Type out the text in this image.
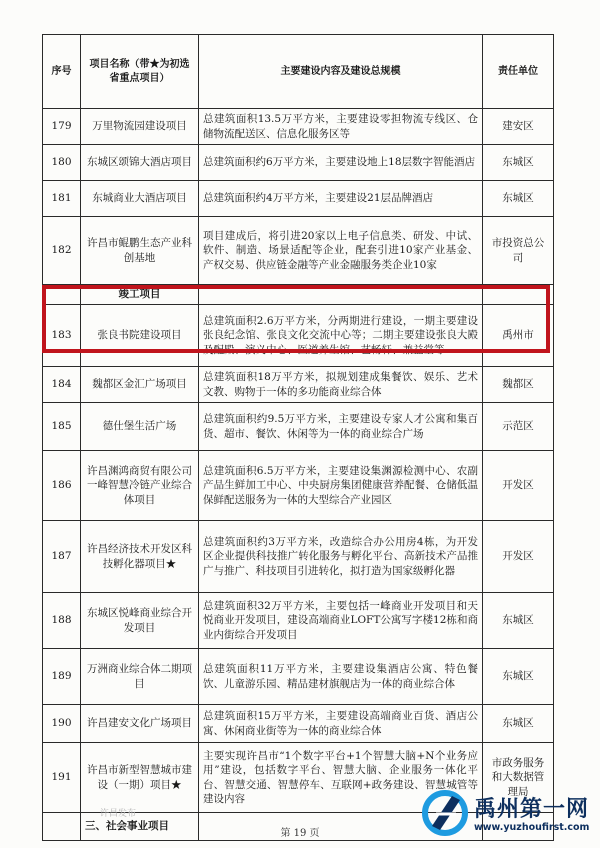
序号	项目名称（带★为初选省重点项目）	主要建设内容及建设总规模	责任单位
179	万里物流园建设项目	总建筑面积13.5万平方米，主要建设零担物流专线区、仓储物流配送区、信息化服务区等	建安区
180	东城区颂锦大酒店项目	总建筑面积约6万平方米，主要建设地上18层数字智能酒店	东城区
181	东城商业大酒店项目	总建筑面积约4万平方米，主要建设21层品牌酒店	东城区
182	许昌市鲲鹏生态产业科创基地	项目建成后，将引进20家以上电子信息类、研发、中试、软件、制造、场景适配等企业，配套引进10家产业基金、产权交易、供应链金融等产业金融服务类企业10家	市投资总公司
	竣工项目		
183	张良书院建设项目	总建筑面积2.6万平方米，分两期进行建设，一期主要建设张良纪念馆、张良文化交流中心等；二期主要建设张良大殿及配殿、演义中心、医道养生馆、艺畅轩、兼益堂等	禹州市
184	魏都区金汇广场项目	总建筑面积18万平方米，拟规划建成集餐饮、娱乐、艺术文教、购物于一体的多功能商业综合体	魏都区
185	德仕堡生活广场	总建筑面积约9.5万平方米，主要建设专家人才公寓和集百货、超市、餐饮、休闲等为一体的商业综合广场	示范区
186	许昌渊鸿商贸有限公司一峰智慧冷链产业综合体项目	总建筑面积6.5万平方米，主要建设集渊源检测中心、农副产品生鲜加工中心、中央厨房集团健康营养配餐、仓储低温保鲜配送服务为一体的大型综合产业园区	开发区
187	许昌经济技术开发区科技孵化器项目★	总建筑面积约3万平方米，改造综合办公用房4栋，为开发区企业提供科技推广转化服务与孵化平台、高新技术产品推广与推广、科技项目引进转化，拟打造为国家级孵化器	开发区
188	东城区悦峰商业综合开发项目	总建筑面积32万平方米，主要包括一峰商业开发项目和天悦商业开发项目，建设高端商业LOFT公寓写字楼12栋和商业内街综合开发项目	东城区
189	万洲商业综合体二期项目	总建筑面积11万平方米，主要建设集酒店公寓、特色餐饮、儿童游乐园、精品建材旗舰店为一体的商业综合体	东城区
190	许昌建安文化广场项目	总建筑面积15万平方米，主要建设高端商业百货、酒店公寓、休闲商业街等为一体的商业综合体	东城区
191	许昌市新型智慧城市建设（一期）项目★	主要实现许昌市“1个数字平台+1个智慧大脑+N个业务应用”建设，包括数字平台、智慧大脑、企业服务一体化平台、智慧交通、智慧停车、互联网+政务建设、智慧城管等建设内容	市政务服务和大数据管理局
	三、社会事业项目		
第 19 页
许昌发布	禹州第一网
www.yuzhoufirst.com
